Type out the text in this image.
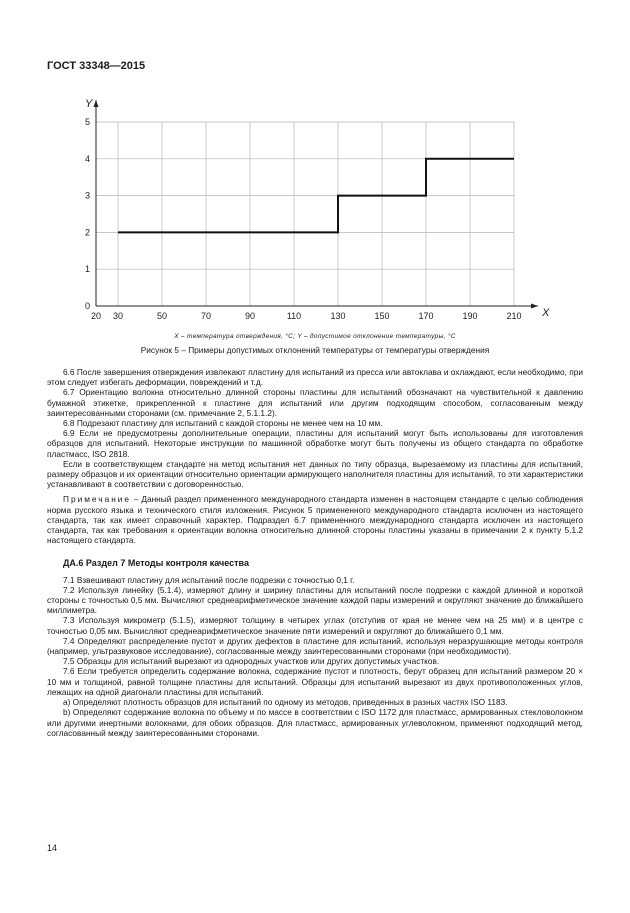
ГОСТ 33348—2015
X
Y
20 30	50	70	90	110	130	150	170	190	210
0
1
2
3
4
5
X – температура отверждения, °С; Y – допустимое отклонение температуры, °С
Рисунок 5 – Примеры допустимых отклонений температуры от температуры отверждения

6.6 После завершения отверждения извлекают пластину для испытаний из пресса или автоклава и охлаждают, если необходимо, при этом следует избегать деформации, повреждений и т.д.

6.7 Ориентацию волокна относительно длинной стороны пластины для испытаний обозначают на чувствительной к давлению бумажной этикетке, прикрепленной к пластине для испытаний или другим подходящим способом, согласованным между заинтересованными сторонами (см. примечание 2, 5.1.1.2).

6.8 Подрезают пластину для испытаний с каждой стороны не менее чем на 10 мм.

6.9 Если не предусмотрены дополнительные операции, пластины для испытаний могут быть использованы для изготовления образцов для испытаний. Некоторые инструкции по машинной обработке могут быть получены из общего стандарта по обработке пластмасс, ISO 2818.

Если в соответствующем стандарте на метод испытания нет данных по типу образца, вырезаемому из пластины для испытаний, размеру образцов и их ориентации относительно ориентации армирующего наполнителя пластины для испытаний, то эти характеристики устанавливают в соответствии с договоренностью.

Примечание – Данный раздел примененного международного стандарта изменен в настоящем стандарте с целью соблюдения норма русского языка и технического стиля изложения. Рисунок 5 примененного международного стандарта исключен из настоящего стандарта, так как имеет справочный характер. Подраздел 6.7 примененного международного стандарта исключен из настоящего стандарта, так как требования к ориентации волокна относительно длинной стороны пластины указаны в примечании 2 к пункту 5.1.2 настоящего стандарта.

ДА.6 Раздел 7 Методы контроля качества

7.1 Взвешивают пластину для испытаний после подрезки с точностью 0,1 г.

7.2 Используя линейку (5.1.4), измеряют длину и ширину пластины для испытаний после подрезки с каждой длинной и короткой стороны с точностью 0,5 мм. Вычисляют среднеарифметическое значение каждой пары измерений и округляют значение до ближайшего миллиметра.

7.3 Используя микрометр (5.1.5), измеряют толщину в четырех углах (отступив от края не менее чем на 25 мм) и в центре с точностью 0,05 мм. Вычисляют среднеарифметическое значение пяти измерений и округляют до ближайшего 0,1 мм.

7.4 Определяют распределение пустот и других дефектов в пластине для испытаний, используя неразрушающие методы контроля (например, ультразвуковое исследование), согласованные между заинтересованными сторонами (при необходимости).

7.5 Образцы для испытаний вырезают из однородных участков или других допустимых участков.

7.6 Если требуется определить содержание волокна, содержание пустот и плотность, берут образец для испытаний размером 20 × 10 мм и толщиной, равной толщине пластины для испытаний. Образцы для испытаний вырезают из двух противоположенных углов, лежащих на одной диагонали пластины для испытаний.

а) Определяют плотность образцов для испытаний по одному из методов, приведенных в разных частях ISO 1183.

b) Определяют содержание волокна по объему и по массе в соответствии с ISO 1172 для пластмасс, армированных стекловолокном или другими инертными волокнами, для обоих образцов. Для пластмасс, армированных углеволокном, применяют подходящий метод, согласованный между заинтересованными сторонами.

14
